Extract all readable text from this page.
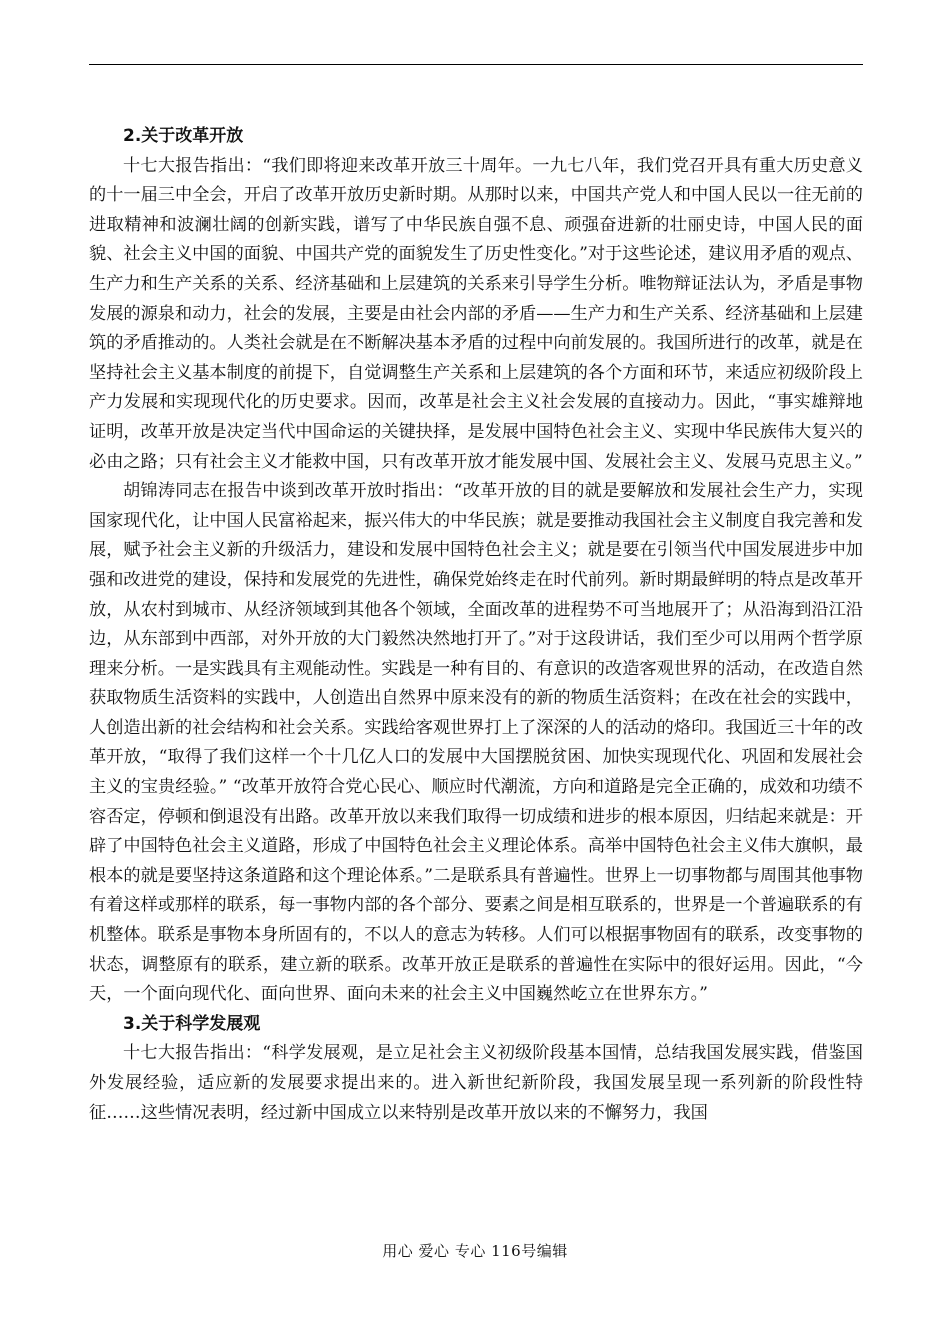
2.关于改革开放

十七大报告指出：“我们即将迎来改革开放三十周年。一九七八年，我们党召开具有重大历史意义的十一届三中全会，开启了改革开放历史新时期。从那时以来，中国共产党人和中国人民以一往无前的进取精神和波澜壮阔的创新实践，谱写了中华民族自强不息、顽强奋进新的壮丽史诗，中国人民的面貌、社会主义中国的面貌、中国共产党的面貌发生了历史性变化。”对于这些论述，建议用矛盾的观点、生产力和生产关系的关系、经济基础和上层建筑的关系来引导学生分析。唯物辩证法认为，矛盾是事物发展的源泉和动力，社会的发展，主要是由社会内部的矛盾——生产力和生产关系、经济基础和上层建筑的矛盾推动的。人类社会就是在不断解决基本矛盾的过程中向前发展的。我国所进行的改革，就是在坚持社会主义基本制度的前提下，自觉调整生产关系和上层建筑的各个方面和环节，来适应初级阶段上产力发展和实现现代化的历史要求。因而，改革是社会主义社会发展的直接动力。因此，“事实雄辩地证明，改革开放是决定当代中国命运的关键抉择，是发展中国特色社会主义、实现中华民族伟大复兴的必由之路；只有社会主义才能救中国，只有改革开放才能发展中国、发展社会主义、发展马克思主义。”

胡锦涛同志在报告中谈到改革开放时指出：“改革开放的目的就是要解放和发展社会生产力，实现国家现代化，让中国人民富裕起来，振兴伟大的中华民族；就是要推动我国社会主义制度自我完善和发展，赋予社会主义新的升级活力，建设和发展中国特色社会主义；就是要在引领当代中国发展进步中加强和改进党的建设，保持和发展党的先进性，确保党始终走在时代前列。新时期最鲜明的特点是改革开放，从农村到城市、从经济领域到其他各个领域，全面改革的进程势不可当地展开了；从沿海到沿江沿边，从东部到中西部，对外开放的大门毅然决然地打开了。”对于这段讲话，我们至少可以用两个哲学原理来分析。一是实践具有主观能动性。实践是一种有目的、有意识的改造客观世界的活动，在改造自然获取物质生活资料的实践中，人创造出自然界中原来没有的新的物质生活资料；在改在社会的实践中，人创造出新的社会结构和社会关系。实践给客观世界打上了深深的人的活动的烙印。我国近三十年的改革开放，“取得了我们这样一个十几亿人口的发展中大国摆脱贫困、加快实现现代化、巩固和发展社会主义的宝贵经验。” “改革开放符合党心民心、顺应时代潮流，方向和道路是完全正确的，成效和功绩不容否定，停顿和倒退没有出路。改革开放以来我们取得一切成绩和进步的根本原因，归结起来就是：开辟了中国特色社会主义道路，形成了中国特色社会主义理论体系。高举中国特色社会主义伟大旗帜，最根本的就是要坚持这条道路和这个理论体系。”二是联系具有普遍性。世界上一切事物都与周围其他事物有着这样或那样的联系，每一事物内部的各个部分、要素之间是相互联系的，世界是一个普遍联系的有机整体。联系是事物本身所固有的，不以人的意志为转移。人们可以根据事物固有的联系，改变事物的状态，调整原有的联系，建立新的联系。改革开放正是联系的普遍性在实际中的很好运用。因此，“今天，一个面向现代化、面向世界、面向未来的社会主义中国巍然屹立在世界东方。”

3.关于科学发展观

十七大报告指出：“科学发展观，是立足社会主义初级阶段基本国情，总结我国发展实践，借鉴国外发展经验，适应新的发展要求提出来的。进入新世纪新阶段，我国发展呈现一系列新的阶段性特征……这些情况表明，经过新中国成立以来特别是改革开放以来的不懈努力，我国

用心 爱心 专心 116号编辑
